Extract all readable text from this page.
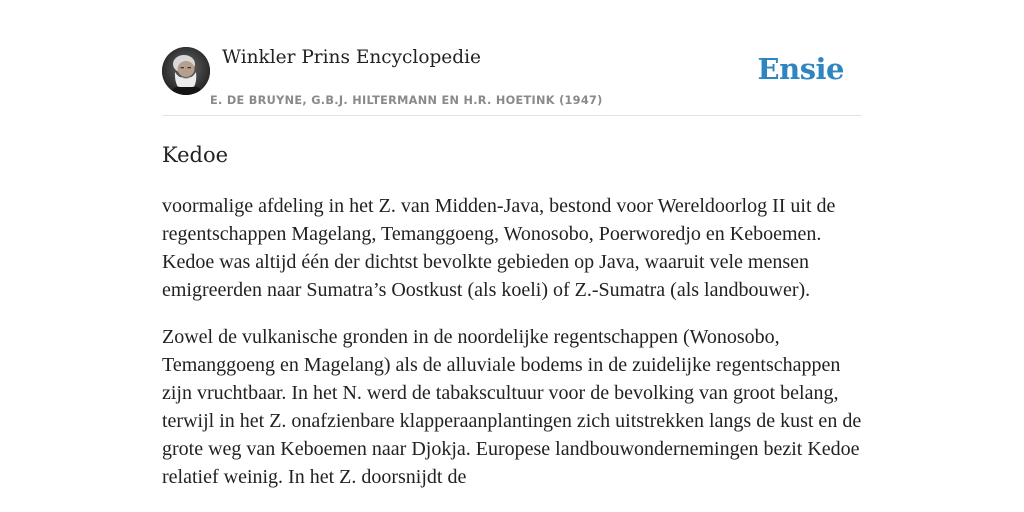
Winkler Prins Encyclopedie
E. DE BRUYNE, G.B.J. HILTERMANN EN H.R. HOETINK (1947)
Ensie
Kedoe

voormalige afdeling in het Z. van Midden-Java, bestond voor Wereldoorlog II uit de regentschappen Magelang, Temanggoeng, Wonosobo, Poerworedjo en Keboemen. Kedoe was altijd één der dichtst bevolkte gebieden op Java, waaruit vele mensen emigreerden naar Sumatra’s Oostkust (als koeli) of Z.-Sumatra (als landbouwer).

Zowel de vulkanische gronden in de noordelijke regentschappen (Wonosobo, Temanggoeng en Magelang) als de alluviale bodems in de zuidelijke regentschappen zijn vruchtbaar. In het N. werd de tabakscultuur voor de bevolking van groot belang, terwijl in het Z. onafzienbare klapperaanplantingen zich uitstrekken langs de kust en de grote weg van Keboemen naar Djokja. Europese landbouwondernemingen bezit Kedoe relatief weinig. In het Z. doorsnijdt de
